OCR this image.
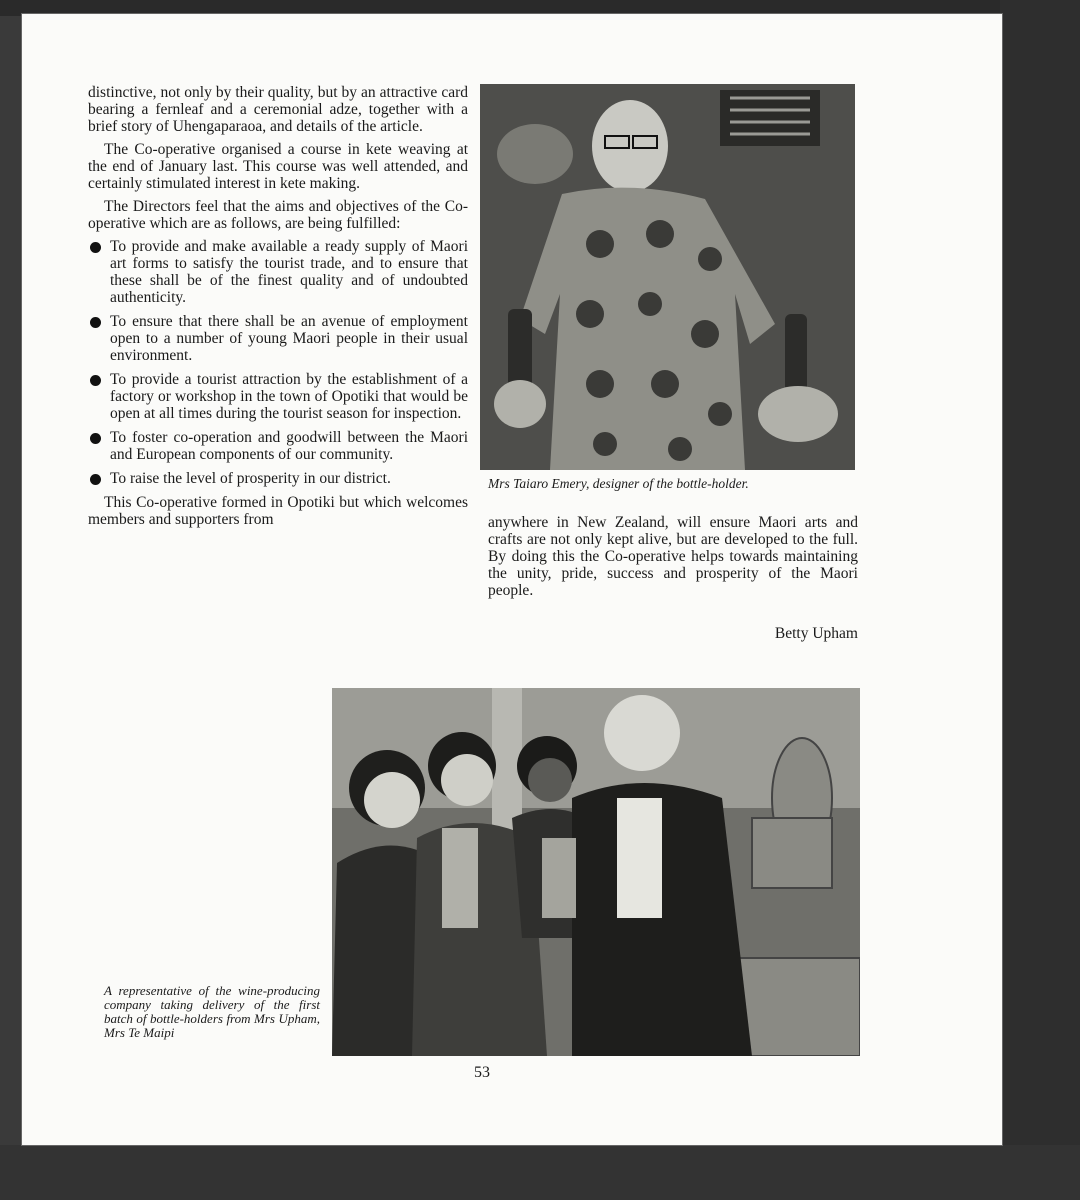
distinctive, not only by their quality, but by an attractive card bearing a fernleaf and a ceremonial adze, together with a brief story of Uhengaparaoa, and details of the article.

The Co-operative organised a course in kete weaving at the end of January last. This course was well attended, and certainly stimulated interest in kete making.

The Directors feel that the aims and objectives of the Co-operative which are as follows, are being fulfilled:

To provide and make available a ready supply of Maori art forms to satisfy the tourist trade, and to ensure that these shall be of the finest quality and of undoubted authenticity.
To ensure that there shall be an avenue of employment open to a number of young Maori people in their usual environment.
To provide a tourist attraction by the establishment of a factory or workshop in the town of Opotiki that would be open at all times during the tourist season for inspection.
To foster co-operation and goodwill between the Maori and European components of our community.
To raise the level of prosperity in our district.

This Co-operative formed in Opotiki but which welcomes members and supporters from

Mrs Taiaro Emery, designer of the bottle-holder.

anywhere in New Zealand, will ensure Maori arts and crafts are not only kept alive, but are developed to the full. By doing this the Co-operative helps towards maintaining the unity, pride, success and prosperity of the Maori people.

Betty Upham
A representative of the wine-producing company taking delivery of the first batch of bottle-holders from Mrs Upham, Mrs Te Maipi
53
